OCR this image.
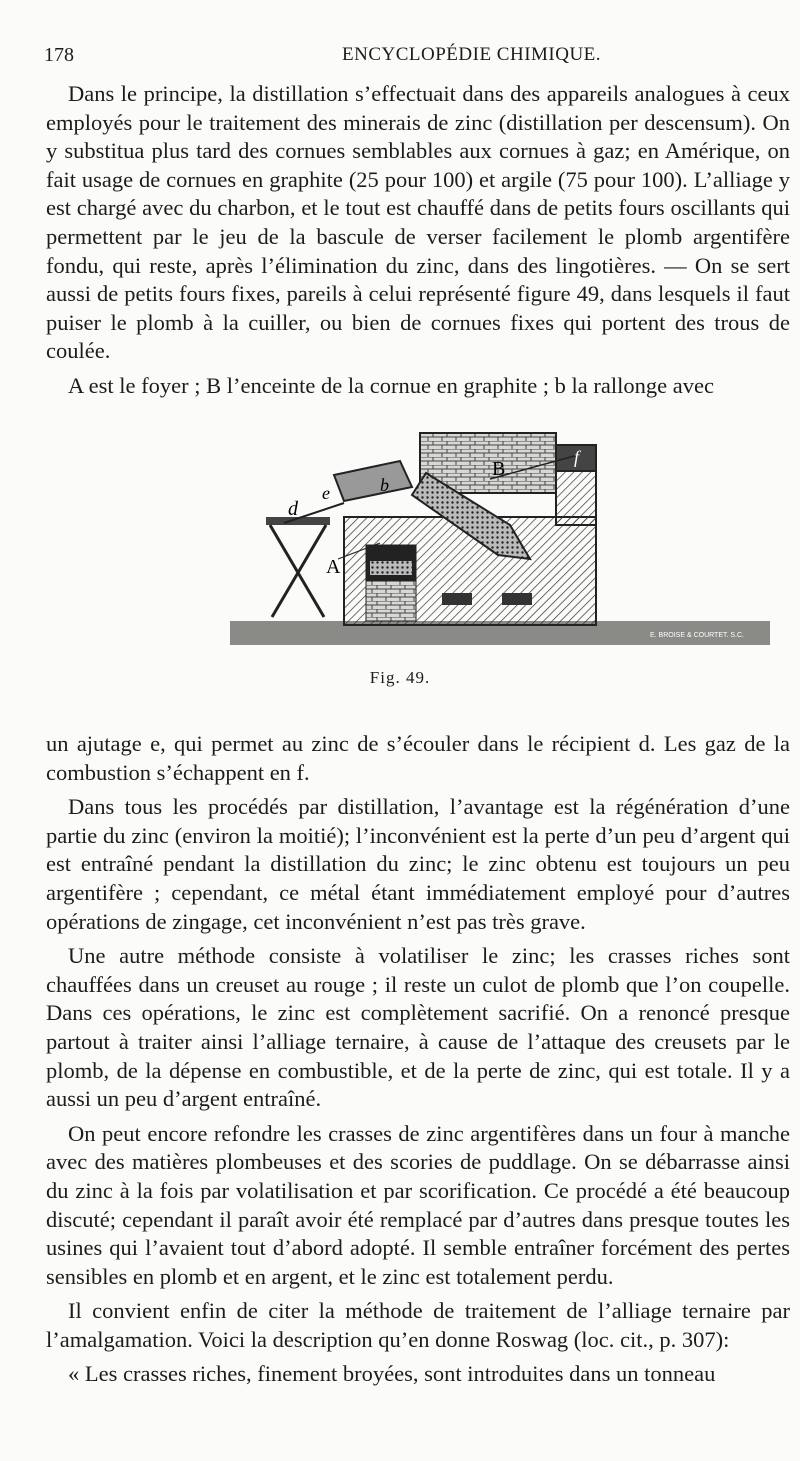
178	ENCYCLOPÉDIE CHIMIQUE.

Dans le principe, la distillation s’effectuait dans des appareils analogues à ceux employés pour le traitement des minerais de zinc (distillation per descensum). On y substitua plus tard des cornues semblables aux cornues à gaz; en Amérique, on fait usage de cornues en graphite (25 pour 100) et argile (75 pour 100). L’alliage y est chargé avec du charbon, et le tout est chauffé dans de petits fours oscillants qui permettent par le jeu de la bascule de verser facilement le plomb argentifère fondu, qui reste, après l’élimination du zinc, dans des lingotières. — On se sert aussi de petits fours fixes, pareils à celui représenté figure 49, dans lesquels il faut puiser le plomb à la cuiller, ou bien de cornues fixes qui portent des trous de coulée.

A est le foyer ; B l’enceinte de la cornue en graphite ; b la rallonge avec

d
e	b
B
f
A
E. BROISE & COURTET. S.C.
Fig. 49.

un ajutage e, qui permet au zinc de s’écouler dans le récipient d. Les gaz de la combustion s’échappent en f.

Dans tous les procédés par distillation, l’avantage est la régénération d’une partie du zinc (environ la moitié); l’inconvénient est la perte d’un peu d’argent qui est entraîné pendant la distillation du zinc; le zinc obtenu est toujours un peu argentifère ; cependant, ce métal étant immédiatement employé pour d’autres opérations de zingage, cet inconvénient n’est pas très grave.

Une autre méthode consiste à volatiliser le zinc; les crasses riches sont chauffées dans un creuset au rouge ; il reste un culot de plomb que l’on coupelle. Dans ces opérations, le zinc est complètement sacrifié. On a renoncé presque partout à traiter ainsi l’alliage ternaire, à cause de l’attaque des creusets par le plomb, de la dépense en combustible, et de la perte de zinc, qui est totale. Il y a aussi un peu d’argent entraîné.

On peut encore refondre les crasses de zinc argentifères dans un four à manche avec des matières plombeuses et des scories de puddlage. On se débarrasse ainsi du zinc à la fois par volatilisation et par scorification. Ce procédé a été beaucoup discuté; cependant il paraît avoir été remplacé par d’autres dans presque toutes les usines qui l’avaient tout d’abord adopté. Il semble entraîner forcément des pertes sensibles en plomb et en argent, et le zinc est totalement perdu.

Il convient enfin de citer la méthode de traitement de l’alliage ternaire par l’amalgamation. Voici la description qu’en donne Roswag (loc. cit., p. 307):

« Les crasses riches, finement broyées, sont introduites dans un tonneau
